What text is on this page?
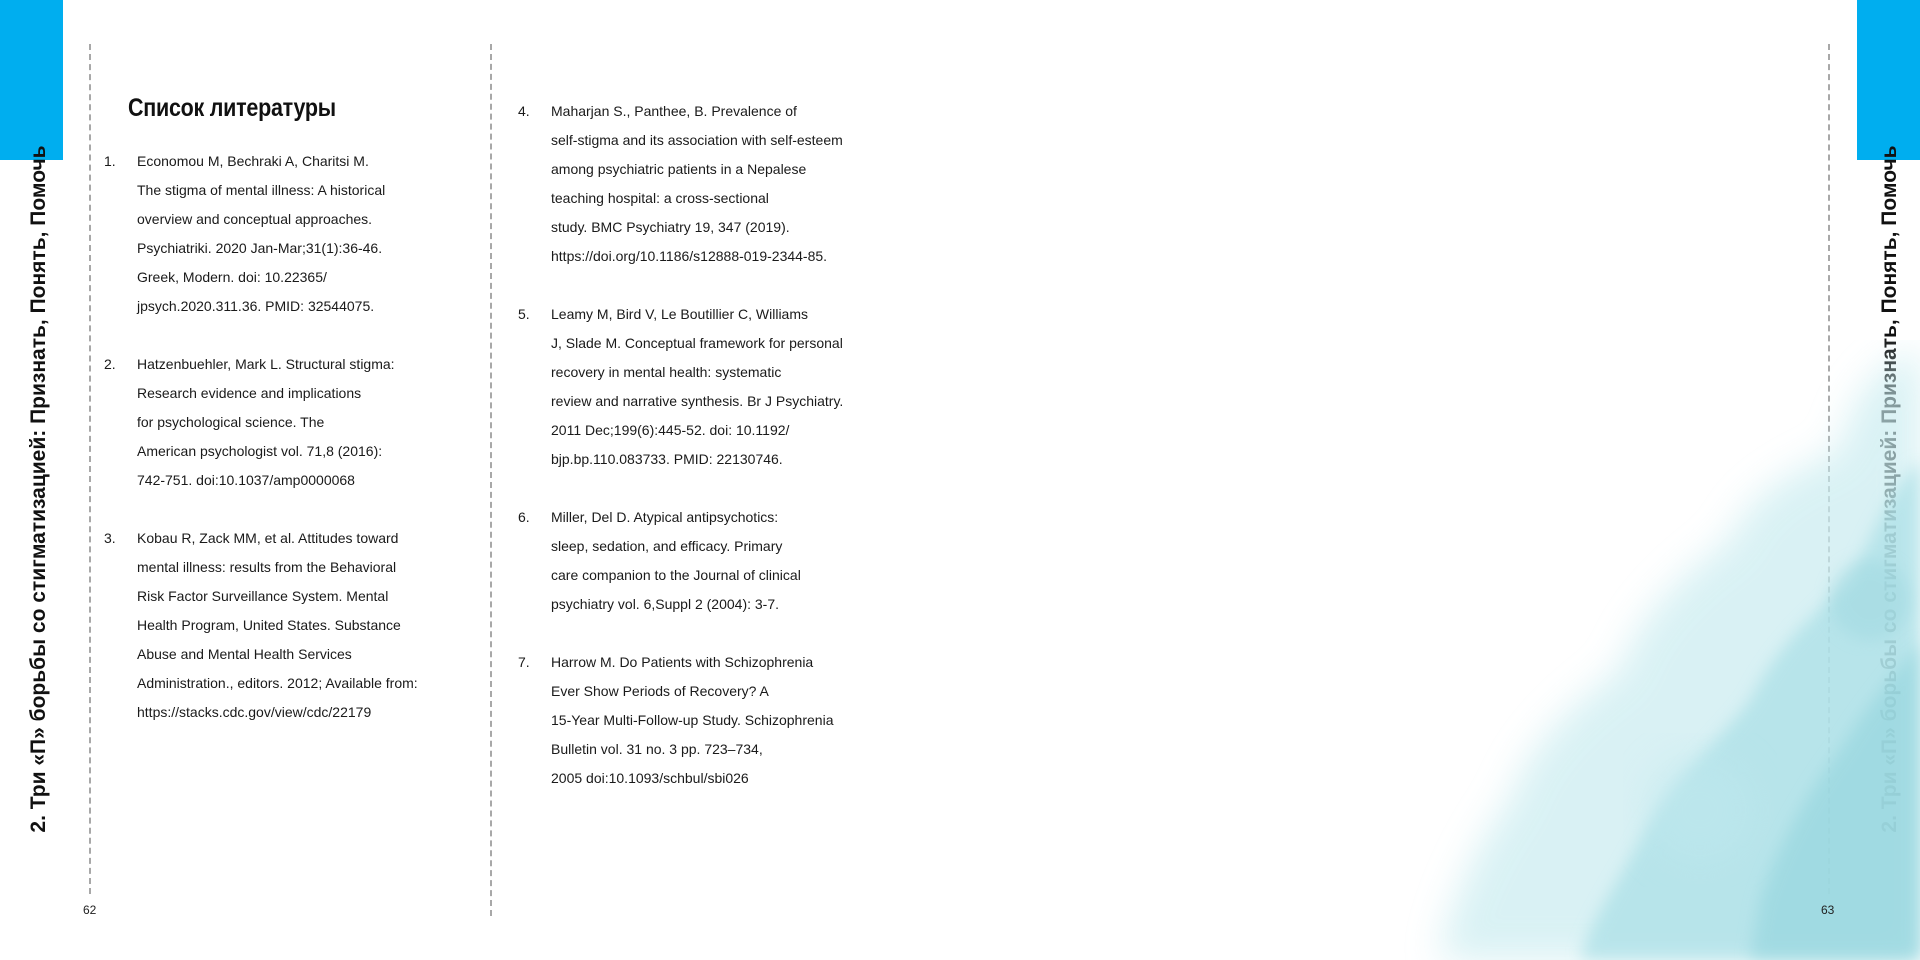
2. Три «П» борьбы со стигматизацией: Признать, Понять, Помочь
Список литературы
1. Economou M, Bechraki A, Charitsi M.
The stigma of mental illness: A historical
overview and conceptual approaches.
Psychiatriki. 2020 Jan-Mar;31(1):36-46.
Greek, Modern. doi: 10.22365/
jpsych.2020.311.36. PMID: 32544075.
2. Hatzenbuehler, Mark L. Structural stigma:
Research evidence and implications
for psychological science. The
American psychologist vol. 71,8 (2016):
742-751. doi:10.1037/amp0000068
3. Kobau R, Zack MM, et al. Attitudes toward
mental illness: results from the Behavioral
Risk Factor Surveillance System. Mental
Health Program, United States. Substance
Abuse and Mental Health Services
Administration., editors. 2012; Available from:
https://stacks.cdc.gov/view/cdc/22179
4. Maharjan S., Panthee, B. Prevalence of
self-stigma and its association with self-esteem
among psychiatric patients in a Nepalese
teaching hospital: a cross-sectional
study. BMC Psychiatry 19, 347 (2019).
https://doi.org/10.1186/s12888-019-2344-85.
5. Leamy M, Bird V, Le Boutillier C, Williams
J, Slade M. Conceptual framework for personal
recovery in mental health: systematic
review and narrative synthesis. Br J Psychiatry.
2011 Dec;199(6):445-52. doi: 10.1192/
bjp.bp.110.083733. PMID: 22130746.
6. Miller, Del D. Atypical antipsychotics:
sleep, sedation, and efficacy. Primary
care companion to the Journal of clinical
psychiatry vol. 6,Suppl 2 (2004): 3-7.
7. Harrow M. Do Patients with Schizophrenia
Ever Show Periods of Recovery? A
15-Year Multi-Follow-up Study. Schizophrenia
Bulletin vol. 31 no. 3 pp. 723–734,
2005 doi:10.1093/schbul/sbi026
62	63
